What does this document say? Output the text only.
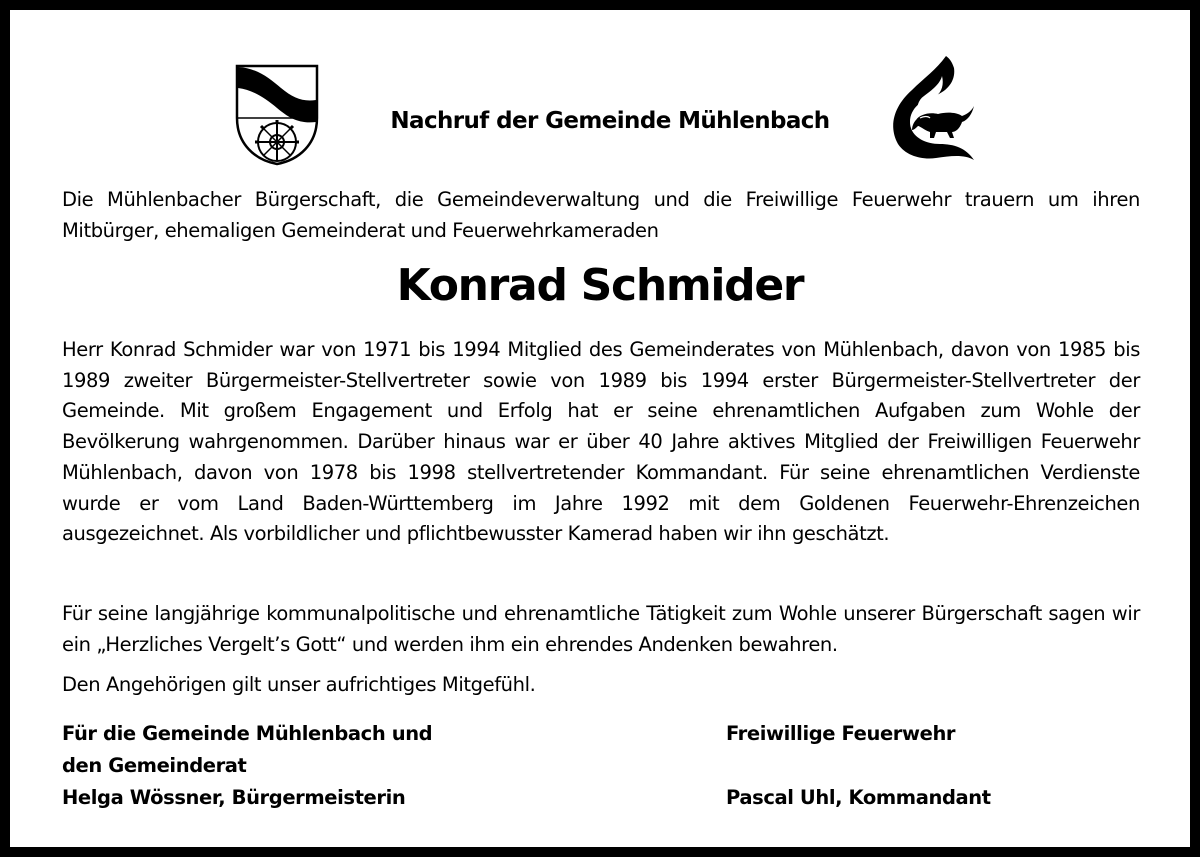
Nachruf der Gemeinde Mühlenbach
Die Mühlenbacher Bürgerschaft, die Gemeindeverwaltung und die Freiwillige Feuerwehr trauern um ihren Mitbürger, ehemaligen Gemeinderat und Feuerwehrkameraden
Konrad Schmider

Herr Konrad Schmider war von 1971 bis 1994 Mitglied des Gemeinderates von Mühlenbach, davon von 1985 bis 1989 zweiter Bürgermeister-Stellvertreter sowie von 1989 bis 1994 erster Bürgermeister-Stellvertreter der Gemeinde. Mit großem Engagement und Erfolg hat er seine ehrenamtlichen Aufgaben zum Wohle der Bevölkerung wahrgenommen. Darüber hinaus war er über 40 Jahre aktives Mitglied der Freiwilligen Feuerwehr Mühlenbach, davon von 1978 bis 1998 stellvertretender Kommandant. Für seine ehrenamtlichen Verdienste wurde er vom Land Baden-Württemberg im Jahre 1992 mit dem Goldenen Feuerwehr-Ehrenzeichen ausgezeichnet. Als vorbildlicher und pflichtbewusster Kamerad haben wir ihn geschätzt.

Für seine langjährige kommunalpolitische und ehrenamtliche Tätigkeit zum Wohle unserer Bürgerschaft sagen wir ein „Herzliches Vergelt’s Gott“ und werden ihm ein ehrendes Andenken bewahren.

Den Angehörigen gilt unser aufrichtiges Mitgefühl.

Für die Gemeinde Mühlenbach und
den Gemeinderat
Helga Wössner, Bürgermeisterin
Freiwillige Feuerwehr
Pascal Uhl, Kommandant
